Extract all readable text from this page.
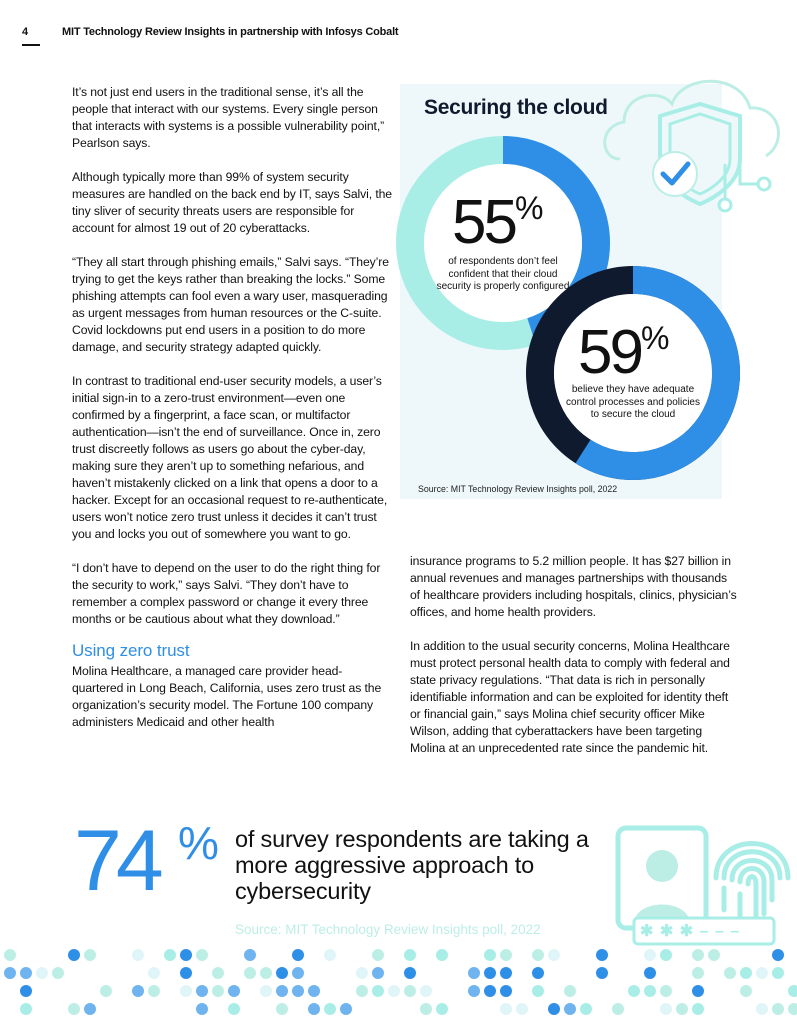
4	MIT Technology Review Insights in partnership with Infosys Cobalt

It’s not just end users in the traditional sense, it’s all the people that interact with our systems. Every single person that interacts with systems is a possible vulnerability point,” Pearlson says.

Although typically more than 99% of system security measures are handled on the back end by IT, says Salvi, the tiny sliver of security threats users are responsible for account for almost 19 out of 20 cyberattacks.

“They all start through phishing emails,” Salvi says. “They’re trying to get the keys rather than breaking the locks.” Some phishing attempts can fool even a wary user, masquerading as urgent messages from human resources or the C-suite. Covid lockdowns put end users in a position to do more damage, and security strategy adapted quickly.

In contrast to traditional end-user security models, a user’s initial sign-in to a zero-trust environment—even one confirmed by a fingerprint, a face scan, or multifactor authentication—isn’t the end of surveillance. Once in, zero trust discreetly follows as users go about the cyber-day, making sure they aren’t up to something nefarious, and haven’t mistakenly clicked on a link that opens a door to a hacker. Except for an occasional request to re-authenticate, users won’t notice zero trust unless it decides it can’t trust you and locks you out of somewhere you want to go.

“I don’t have to depend on the user to do the right thing for the security to work,” says Salvi. “They don’t have to remember a complex password or change it every three months or be cautious about what they download.”

Using zero trust

Molina Healthcare, a managed care provider head-quartered in Long Beach, California, uses zero trust as the organization’s security model. The Fortune 100 company administers Medicaid and other health

Securing the cloud
55%
of respondents don’t feel confident that their cloud security is properly configured
59%
believe they have adequate control processes and policies to secure the cloud
Source: MIT Technology Review Insights poll, 2022

insurance programs to 5.2 million people. It has $27 billion in annual revenues and manages partnerships with thousands of healthcare providers including hospitals, clinics, physician’s offices, and home health providers.

In addition to the usual security concerns, Molina Healthcare must protect personal health data to comply with federal and state privacy regulations. “That data is rich in personally identifiable information and can be exploited for identity theft or financial gain,” says Molina chief security officer Mike Wilson, adding that cyberattackers have been targeting Molina at an unprecedented rate since the pandemic hit.

74 % of survey respondents are taking a more aggressive approach to cybersecurity
Source: MIT Technology Review Insights poll, 2022	✱ ✱ ✱ – – –
